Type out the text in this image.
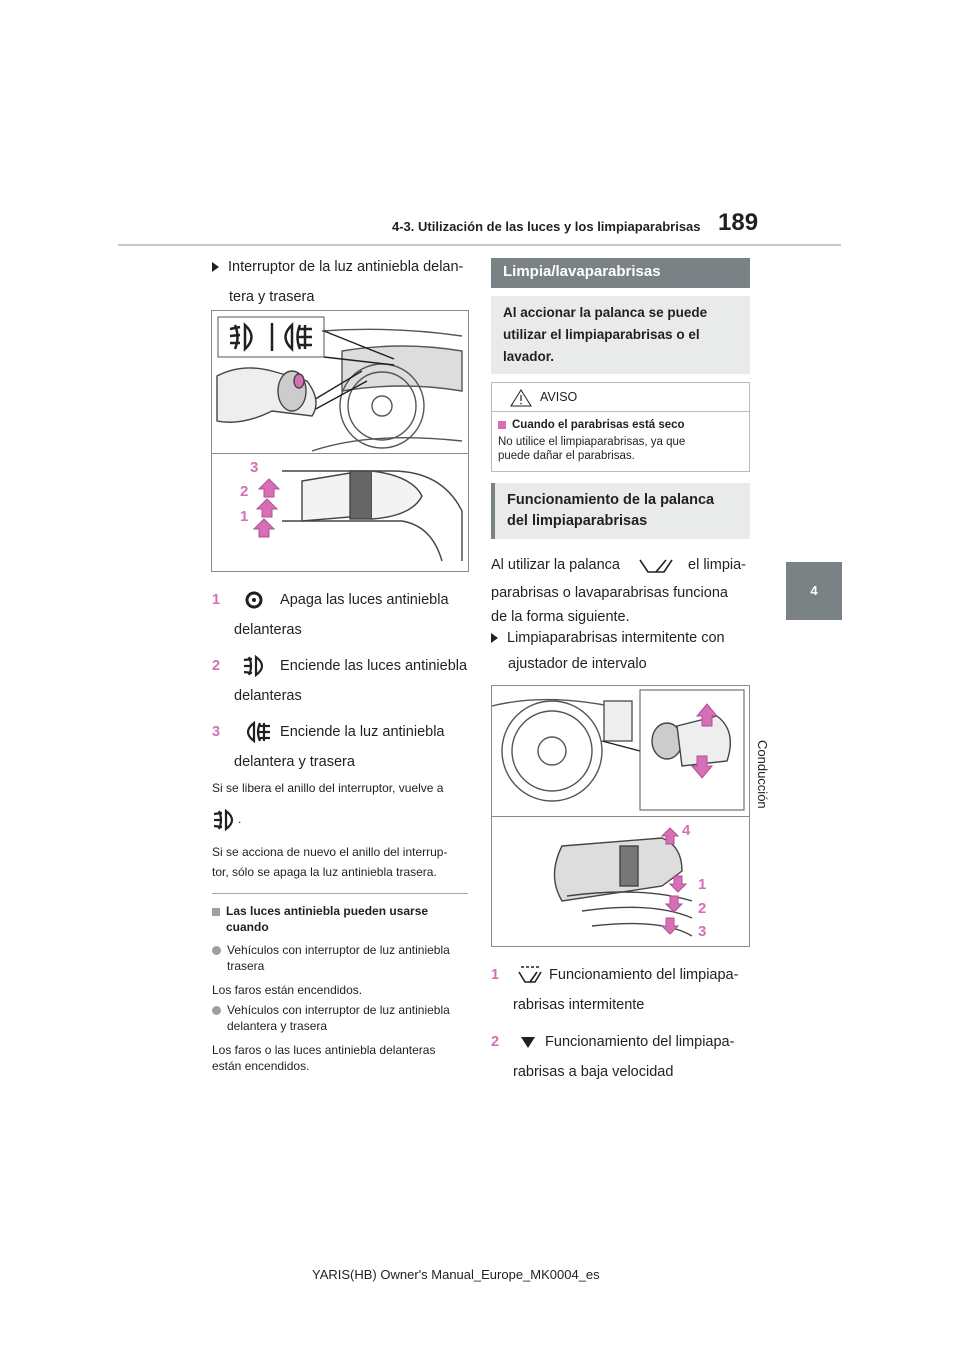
4-3. Utilización de las luces y los limpiaparabrisas 189
4
Conducción
Interruptor de la luz antiniebla delan-
tera y trasera
3
2
1
1	Apaga las luces antiniebla
delanteras
2	Enciende las luces antiniebla
delanteras
3	Enciende la luz antiniebla
delantera y trasera
Si se libera el anillo del interruptor, vuelve a
.
Si se acciona de nuevo el anillo del interrup-
tor, sólo se apaga la luz antiniebla trasera.
Las luces antiniebla pueden usarse
cuando
Vehículos con interruptor de luz antiniebla
trasera
Los faros están encendidos.
Vehículos con interruptor de luz antiniebla
delantera y trasera
Los faros o las luces antiniebla delanteras
están encendidos.
Limpia/lavaparabrisas
Al accionar la palanca se puede
utilizar el limpiaparabrisas o el
lavador.
AVISO
Cuando el parabrisas está seco
No utilice el limpiaparabrisas, ya que
puede dañar el parabrisas.
Funcionamiento de la palanca
del limpiaparabrisas
Al utilizar la palanca	el limpia-
parabrisas o lavaparabrisas funciona
de la forma siguiente.
Limpiaparabrisas intermitente con
ajustador de intervalo
4
1
2
3
1	Funcionamiento del limpiapa-
rabrisas intermitente
2	Funcionamiento del limpiapa-
rabrisas a baja velocidad
YARIS(HB) Owner's Manual_Europe_MK0004_es
